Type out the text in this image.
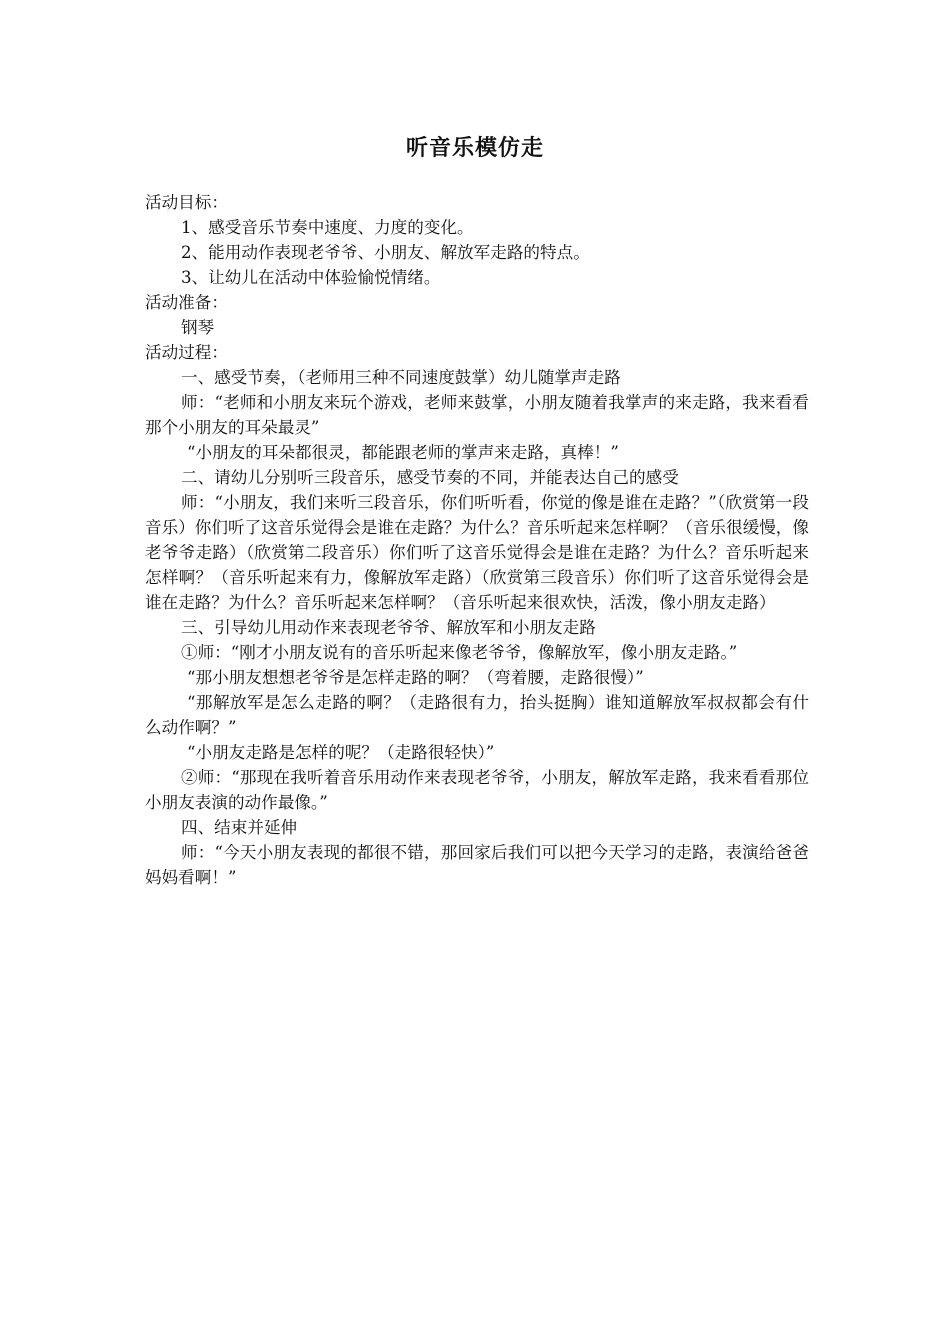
听音乐模仿走

活动目标：

1、感受音乐节奏中速度、力度的变化。

2、能用动作表现老爷爷、小朋友、解放军走路的特点。

3、让幼儿在活动中体验愉悦情绪。

活动准备：

钢琴

活动过程：

一、感受节奏，（老师用三种不同速度鼓掌）幼儿随掌声走路

师：“老师和小朋友来玩个游戏，老师来鼓掌，小朋友随着我掌声的来走路，我来看看那个小朋友的耳朵最灵”

“小朋友的耳朵都很灵，都能跟老师的掌声来走路，真棒！”

二、请幼儿分别听三段音乐，感受节奏的不同，并能表达自己的感受

师：“小朋友，我们来听三段音乐，你们听听看，你觉的像是谁在走路？”（欣赏第一段音乐）你们听了这音乐觉得会是谁在走路？为什么？音乐听起来怎样啊？（音乐很缓慢，像老爷爷走路）（欣赏第二段音乐）你们听了这音乐觉得会是谁在走路？为什么？音乐听起来怎样啊？（音乐听起来有力，像解放军走路）（欣赏第三段音乐）你们听了这音乐觉得会是谁在走路？为什么？音乐听起来怎样啊？（音乐听起来很欢快，活泼，像小朋友走路）

三、引导幼儿用动作来表现老爷爷、解放军和小朋友走路

①师：“刚才小朋友说有的音乐听起来像老爷爷，像解放军，像小朋友走路。”

“那小朋友想想老爷爷是怎样走路的啊？（弯着腰，走路很慢）”

“那解放军是怎么走路的啊？（走路很有力，抬头挺胸）谁知道解放军叔叔都会有什么动作啊？”

“小朋友走路是怎样的呢？（走路很轻快）”

②师：“那现在我听着音乐用动作来表现老爷爷，小朋友，解放军走路，我来看看那位小朋友表演的动作最像。”

四、结束并延伸

师：“今天小朋友表现的都很不错，那回家后我们可以把今天学习的走路，表演给爸爸妈妈看啊！”
